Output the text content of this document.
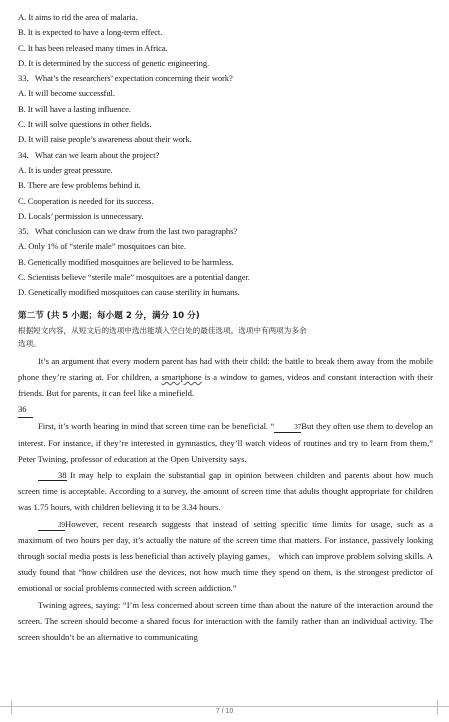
A. It aims to rid the area of malaria.
B. It is expected to have a long-term effect.
C. It has been released many times in Africa.
D. It is determined by the success of genetic engineering.
33．What’s the researchers’ expectation concerning their work?
A. It will become successful.
B. It will have a lasting influence.
C. It will solve questions in other fields.
D. It will raise people’s awareness about their work.
34．What can we learn about the project?
A. It is under great pressure.
B. There are few problems behind it.
C. Cooperation is needed for its success.
D. Locals’ permission is unnecessary.
35．What conclusion can we draw from the last two paragraphs?
A. Only 1% of “sterile male” mosquitoes can bite.
B. Genetically modified mosquitoes are believed to be harmless.
C. Scientists believe “sterile male” mosquitoes are a potential danger.
D. Genetically modified mosquitoes can cause sterility in humans.
第二节 (共 5 小题；每小题 2 分，满分 10 分)
根据短文内容，从短文后的选项中选出能填入空白处的最佳选项。选项中有两项为多余
选项。

It’s an argument that every modern parent has had with their child: the battle to break them away from the mobile phone they’re staring at. For children, a smartphone is a window to games, videos and constant interaction with their friends. But for parents, it can feel like a minefield.

36

First, it’s worth bearing in mind that screen time can be beneficial. “	37But they often use them to develop an interest. For instance, if they’re interested in gymnastics, they’ll watch videos of routines and try to learn from them,” Peter Twining, professor of education at the Open University says.

38 It may help to explain the substantial gap in opinion between children and parents about how much screen time is acceptable. According to a survey, the amount of screen time that adults thought appropriate for children was 1.75 hours, with children believing it to be 3.34 hours.

39However, recent research suggests that instead of setting specific time limits for usage, such as a maximum of two hours per day, it’s actually the nature of the screen time that matters. For instance, passively looking through social media posts is less beneficial than actively playing games， which can improve problem solving skills. A study found that “how children use the devices, not how much time they spend on them, is the strongest predictor of emotional or social problems connected with screen addiction.”

Twining agrees, saying: “I’m less concerned about screen time than about the nature of the interaction around the screen. The screen should become a shared focus for interaction with the family rather than an individual activity. The screen shouldn’t be an alternative to communicating

7 / 10
